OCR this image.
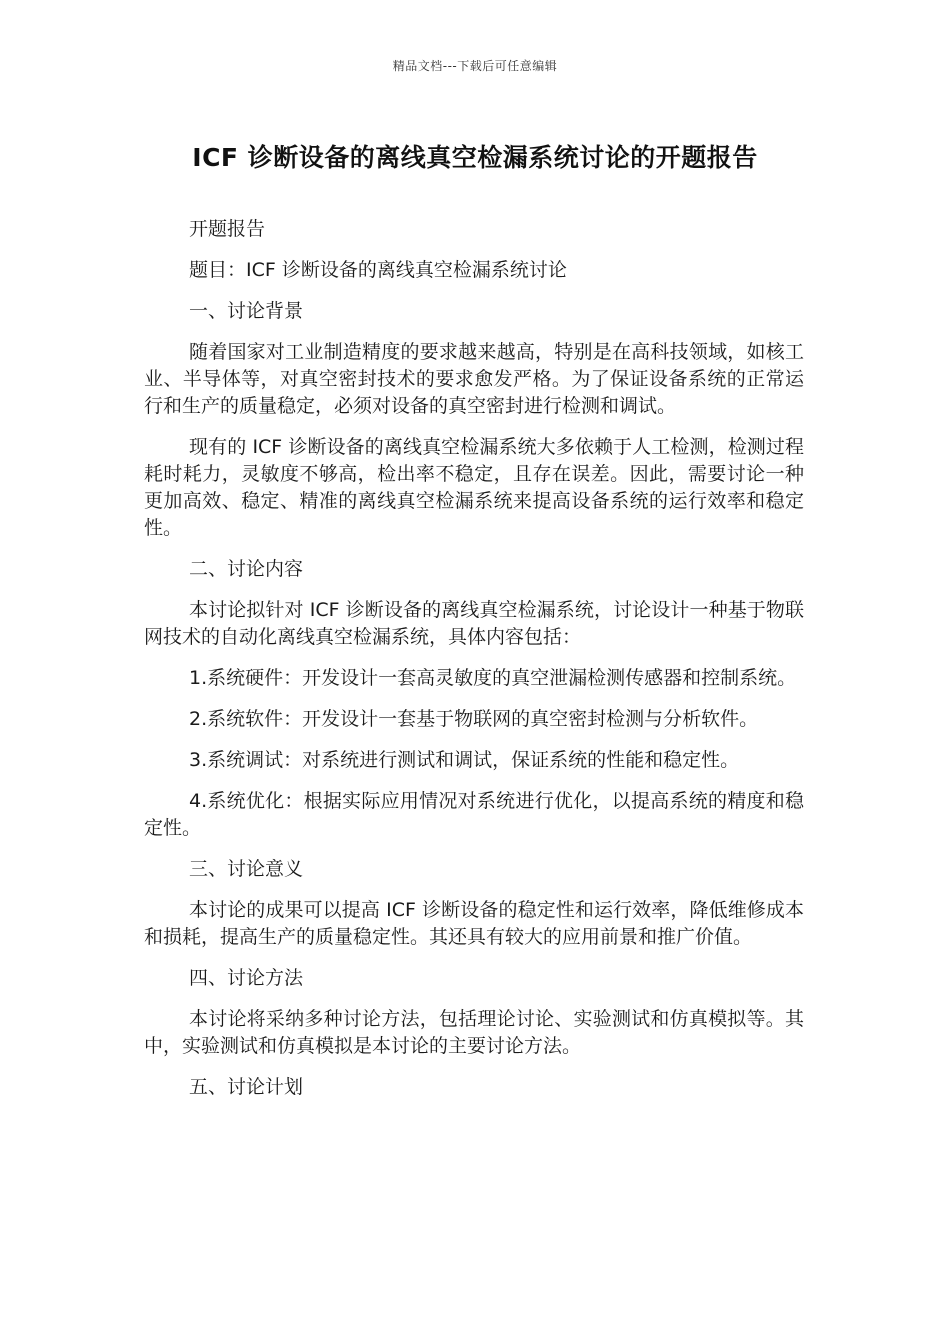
精品文档---下载后可任意编辑
ICF 诊断设备的离线真空检漏系统讨论的开题报告

开题报告

题目：ICF 诊断设备的离线真空检漏系统讨论

一、讨论背景

随着国家对工业制造精度的要求越来越高，特别是在高科技领域，如核工业、半导体等，对真空密封技术的要求愈发严格。为了保证设备系统的正常运行和生产的质量稳定，必须对设备的真空密封进行检测和调试。

现有的 ICF 诊断设备的离线真空检漏系统大多依赖于人工检测，检测过程耗时耗力，灵敏度不够高，检出率不稳定，且存在误差。因此，需要讨论一种更加高效、稳定、精准的离线真空检漏系统来提高设备系统的运行效率和稳定性。

二、讨论内容

本讨论拟针对 ICF 诊断设备的离线真空检漏系统，讨论设计一种基于物联网技术的自动化离线真空检漏系统，具体内容包括：

1.系统硬件：开发设计一套高灵敏度的真空泄漏检测传感器和控制系统。

2.系统软件：开发设计一套基于物联网的真空密封检测与分析软件。

3.系统调试：对系统进行测试和调试，保证系统的性能和稳定性。

4.系统优化：根据实际应用情况对系统进行优化，以提高系统的精度和稳定性。

三、讨论意义

本讨论的成果可以提高 ICF 诊断设备的稳定性和运行效率，降低维修成本和损耗，提高生产的质量稳定性。其还具有较大的应用前景和推广价值。

四、讨论方法

本讨论将采纳多种讨论方法，包括理论讨论、实验测试和仿真模拟等。其中，实验测试和仿真模拟是本讨论的主要讨论方法。

五、讨论计划
